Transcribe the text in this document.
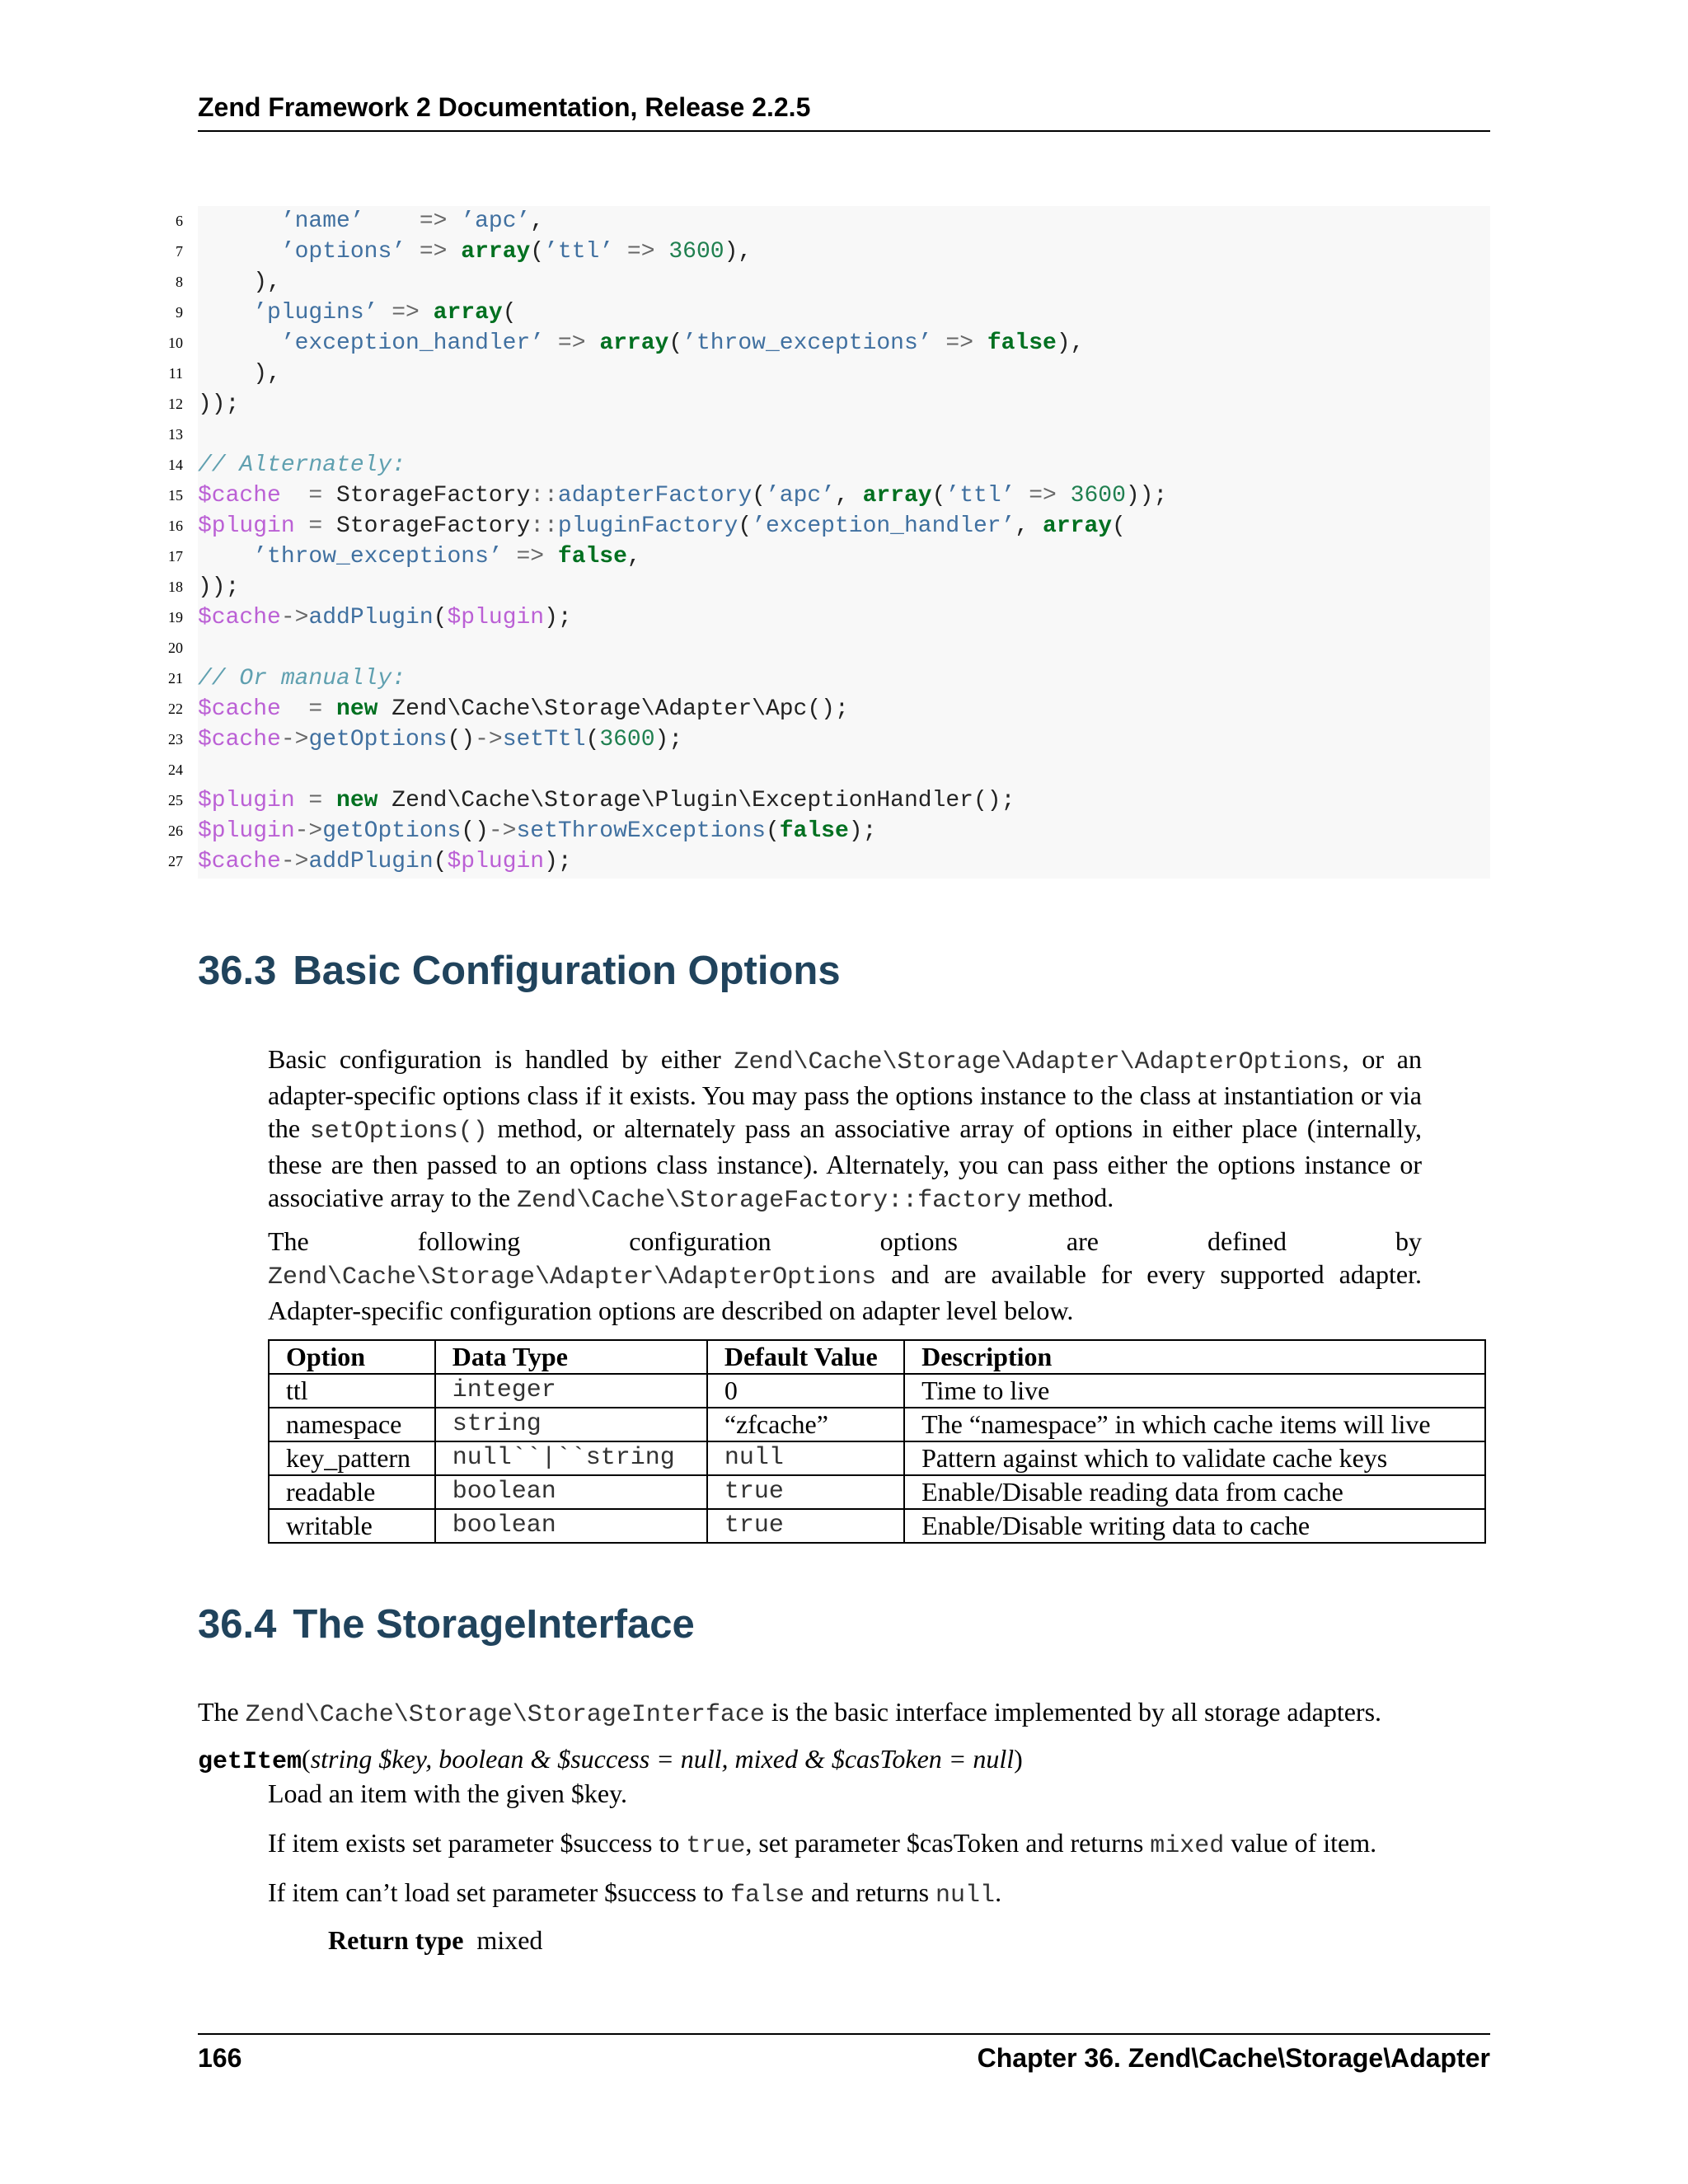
Zend Framework 2 Documentation, Release 2.2.5
6	’name’    => ’apc’,
7	’options’ => array(’ttl’ => 3600),
8	),
9	’plugins’ => array(
10	’exception_handler’ => array(’throw_exceptions’ => false),
11	),
12 ));
13
14 // Alternately:
15 $cache  = StorageFactory::adapterFactory(’apc’, array(’ttl’ => 3600));
16 $plugin = StorageFactory::pluginFactory(’exception_handler’, array(
17	’throw_exceptions’ => false,
18 ));
19 $cache->addPlugin($plugin);
20
21 // Or manually:
22 $cache  = new Zend\Cache\Storage\Adapter\Apc();
23 $cache->getOptions()->setTtl(3600);
24
25 $plugin = new Zend\Cache\Storage\Plugin\ExceptionHandler();
26 $plugin->getOptions()->setThrowExceptions(false);
27 $cache->addPlugin($plugin);
36.3 Basic Configuration Options
Basic configuration is handled by either Zend\Cache\Storage\Adapter\AdapterOptions, or an adapter-specific options class if it exists. You may pass the options instance to the class at instantiation or via the setOptions() method, or alternately pass an associative array of options in either place (internally, these are then passed to an options class instance). Alternately, you can pass either the options instance or associative array to the Zend\Cache\StorageFactory::factory method.
The following configuration options are defined by Zend\Cache\Storage\Adapter\AdapterOptions and are available for every supported adapter. Adapter-specific configuration options are described on adapter level below.
Option	Data Type	Default Value	Description
ttl	integer	0	Time to live
namespace	string	“zfcache”	The “namespace” in which cache items will live
key_pattern	null``|``string	null	Pattern against which to validate cache keys
readable	boolean	true	Enable/Disable reading data from cache
writable	boolean	true	Enable/Disable writing data to cache
36.4 The StorageInterface
The Zend\Cache\Storage\StorageInterface is the basic interface implemented by all storage adapters.
getItem(string $key, boolean & $success = null, mixed & $casToken = null)
Load an item with the given $key.
If item exists set parameter $success to true, set parameter $casToken and returns mixed value of item.
If item can’t load set parameter $success to false and returns null.
Return type mixed
166	Chapter 36. Zend\Cache\Storage\Adapter
